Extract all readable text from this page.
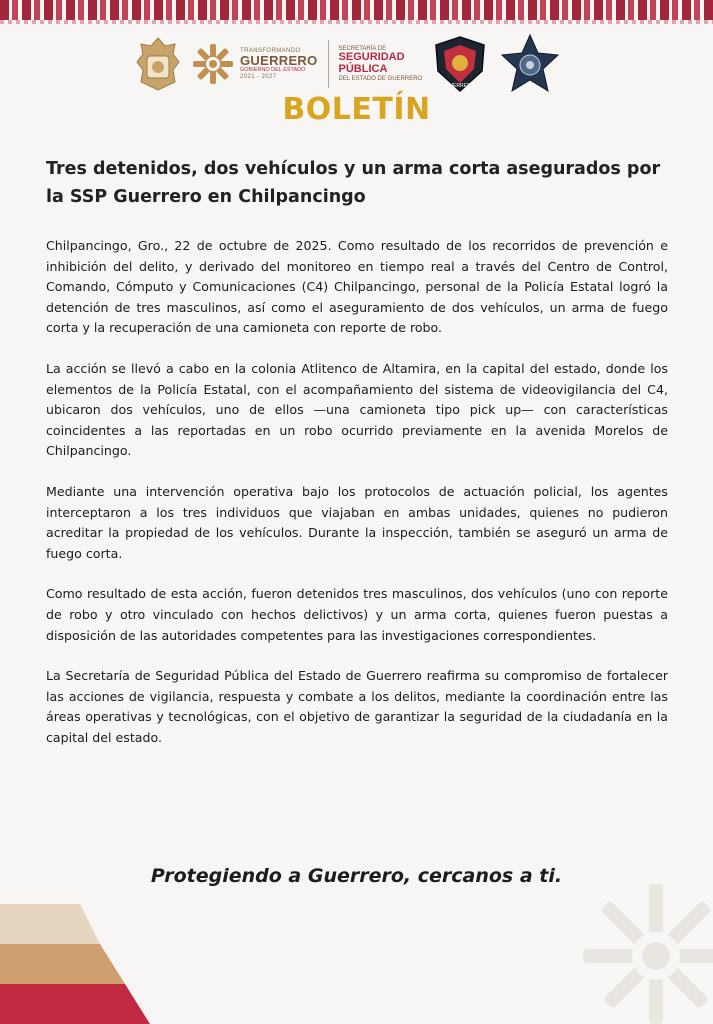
TRANSFORMANDO
GUERRERO
GOBIERNO DEL ESTADO
2021 - 2027
SECRETARÍA DE
SEGURIDAD
PÚBLICA
DEL ESTADO DE GUERRERO
GUERRERO
BOLETÍN
Tres detenidos, dos vehículos y un arma corta asegurados por la SSP Guerrero en Chilpancingo

Chilpancingo, Gro., 22 de octubre de 2025. Como resultado de los recorridos de prevención e inhibición del delito, y derivado del monitoreo en tiempo real a través del Centro de Control, Comando, Cómputo y Comunicaciones (C4) Chilpancingo, personal de la Policía Estatal logró la detención de tres masculinos, así como el aseguramiento de dos vehículos, un arma de fuego corta y la recuperación de una camioneta con reporte de robo.

La acción se llevó a cabo en la colonia Atlitenco de Altamira, en la capital del estado, donde los elementos de la Policía Estatal, con el acompañamiento del sistema de videovigilancia del C4, ubicaron dos vehículos, uno de ellos —una camioneta tipo pick up— con características coincidentes a las reportadas en un robo ocurrido previamente en la avenida Morelos de Chilpancingo.

Mediante una intervención operativa bajo los protocolos de actuación policial, los agentes interceptaron a los tres individuos que viajaban en ambas unidades, quienes no pudieron acreditar la propiedad de los vehículos. Durante la inspección, también se aseguró un arma de fuego corta.

Como resultado de esta acción, fueron detenidos tres masculinos, dos vehículos (uno con reporte de robo y otro vinculado con hechos delictivos) y un arma corta, quienes fueron puestas a disposición de las autoridades competentes para las investigaciones correspondientes.

La Secretaría de Seguridad Pública del Estado de Guerrero reafirma su compromiso de fortalecer las acciones de vigilancia, respuesta y combate a los delitos, mediante la coordinación entre las áreas operativas y tecnológicas, con el objetivo de garantizar la seguridad de la ciudadanía en la capital del estado.

Protegiendo a Guerrero, cercanos a ti.
